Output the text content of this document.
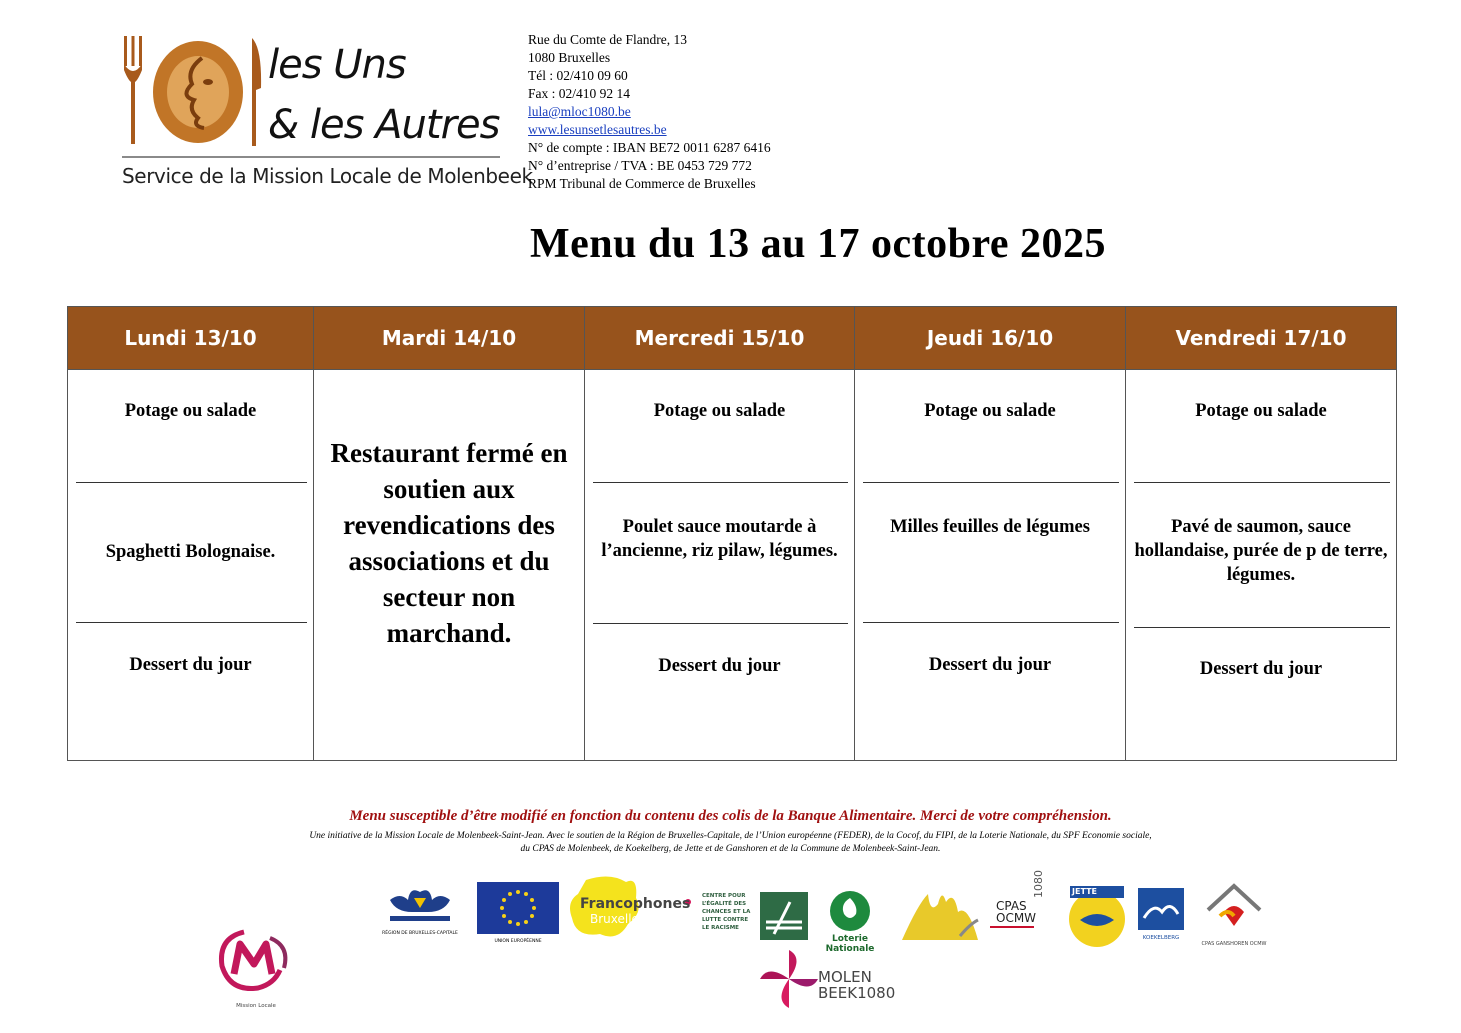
les Uns
& les Autres
Service de la Mission Locale de Molenbeek
Rue du Comte de Flandre, 13
1080 Bruxelles
Tél : 02/410 09 60
Fax : 02/410 92 14
lula@mloc1080.be
www.lesunsetlesautres.be
N° de compte : IBAN BE72 0011 6287 6416
N° d’entreprise / TVA : BE 0453 729 772
RPM Tribunal de Commerce de Bruxelles
Menu du 13 au 17 octobre 2025
Lundi 13/10
Potage ou salade
Spaghetti Bolognaise.
Dessert du jour
Mardi 14/10
Restaurant fermé en soutien aux revendications des associations et du secteur non marchand.
Mercredi 15/10
Potage ou salade
Poulet sauce moutarde à l’ancienne, riz pilaw, légumes.
Dessert du jour
Jeudi 16/10
Potage ou salade
Milles feuilles de légumes
Dessert du jour
Vendredi 17/10
Potage ou salade
Pavé de saumon, sauce hollandaise, purée de p de terre, légumes.
Dessert du jour
Menu susceptible d’être modifié en fonction du contenu des colis de la Banque Alimentaire. Merci de votre compréhension.
Une initiative de la Mission Locale de Molenbeek-Saint-Jean. Avec le soutien de la Région de Bruxelles-Capitale, de l’Union européenne (FEDER), de la Cocof, du FIPI, de la Loterie Nationale, du SPF Economie sociale,
du CPAS de Molenbeek, de Koekelberg, de Jette et de Ganshoren et de la Commune de Molenbeek-Saint-Jean.
RÉGION DE BRUXELLES-CAPITALE
UNION EUROPÉENNE
Francophones
Bruxelles
CENTRE POUR L’ÉGALITÉ DES CHANCES ET LA LUTTE CONTRE LE RACISME
Loterie Nationale
CPAS OCMW
1080	JETTE
KOEKELBERG
CPAS GANSHOREN OCMW
Mission Locale
MOLEN
BEEK1080
